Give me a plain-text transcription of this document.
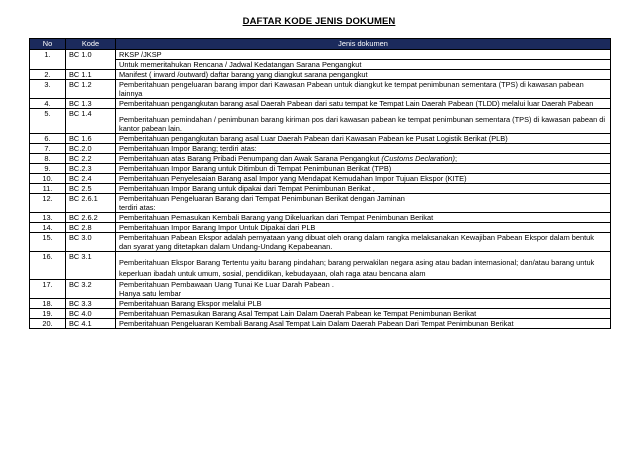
DAFTAR KODE JENIS DOKUMEN
No	Kode	Jenis dokumen
1.	BC 1.0	RKSP /JKSP
		Untuk memeritahukan Rencana / Jadwal Kedatangan Sarana Pengangkut
2.	BC 1.1	Manifest ( inward /outward) daftar barang yang diangkut sarana pengangkut
3.	BC 1.2	Pemberitahuan pengeluaran barang impor dari Kawasan Pabean untuk diangkut ke tempat penimbunan sementara (TPS) di kawasan pabean lainnya
4.	BC 1.3	Pemberitahuan pengangkutan barang asal Daerah Pabean dari satu tempat ke Tempat Lain Daerah Pabean (TLDD) melalui luar Daerah Pabean
5.	BC 1.4	Pemberitahuan pemindahan / penimbunan barang kiriman pos dari kawasan pabean ke tempat penimbunan sementara (TPS) di kawasan pabean di kantor pabean lain.
6.	BC 1.6	Pemberitahuan pengangkutan barang asal Luar Daerah Pabean dari Kawasan Pabean ke Pusat Logistik Berikat (PLB)
7.	BC.2.0	Pemberitahuan Impor Barang; terdiri atas:
8.	BC 2.2	Pemberitahuan atas Barang Pribadi Penumpang dan Awak Sarana Pengangkut (Customs Declaration);
9.	BC.2.3	Pemberitahuan Impor Barang untuk Ditimbun di Tempat Penimbunan Berikat (TPB)
10.	BC 2.4	Pemberitahuan Penyelesaian Barang asal Impor yang Mendapat Kemudahan Impor Tujuan Ekspor (KITE)
11.	BC 2.5	Pemberitahuan Impor Barang untuk dipakai dari Tempat Penimbunan Berikat ,
12.	BC 2.6.1	Pemberitahuan Pengeluaran Barang dari Tempat Penimbunan Berikat dengan Jaminan
terdiri atas:

13.	BC 2.6.2	Pemberitahuan Pemasukan Kembali Barang yang Dikeluarkan dari Tempat Penimbunan Berikat
14.	BC 2.8	Pemberitahuan Impor Barang Impor Untuk Dipakai dari PLB
15.	BC 3.0	Pemberitahuan Pabean Ekspor adalah pernyataan yang dibuat oleh orang dalam rangka melaksanakan Kewajiban Pabean Ekspor dalam bentuk dan syarat yang ditetapkan dalam Undang-Undang Kepabeanan.
16.	BC 3.1	Pemberitahuan Ekspor Barang Tertentu yaitu barang pindahan; barang perwakilan negara asing atau badan internasional; dan/atau barang untuk keperluan ibadah untuk umum, sosial, pendidikan, kebudayaan, olah raga atau bencana alam
17.	BC 3.2	Pemberitahuan Pembawaan Uang Tunai Ke Luar Darah Pabean .
Hanya satu lembar

18.	BC 3.3	Pemberitahuan Barang Ekspor melalui PLB
19.	BC 4.0	Pemberitahuan Pemasukan Barang Asal Tempat Lain Dalam Daerah Pabean ke Tempat Penimbunan Berikat
20.	BC 4.1	Pemberitahuan Pengeluaran Kembali Barang Asal Tempat Lain Dalam Daerah Pabean Dari Tempat Penimbunan Berikat
